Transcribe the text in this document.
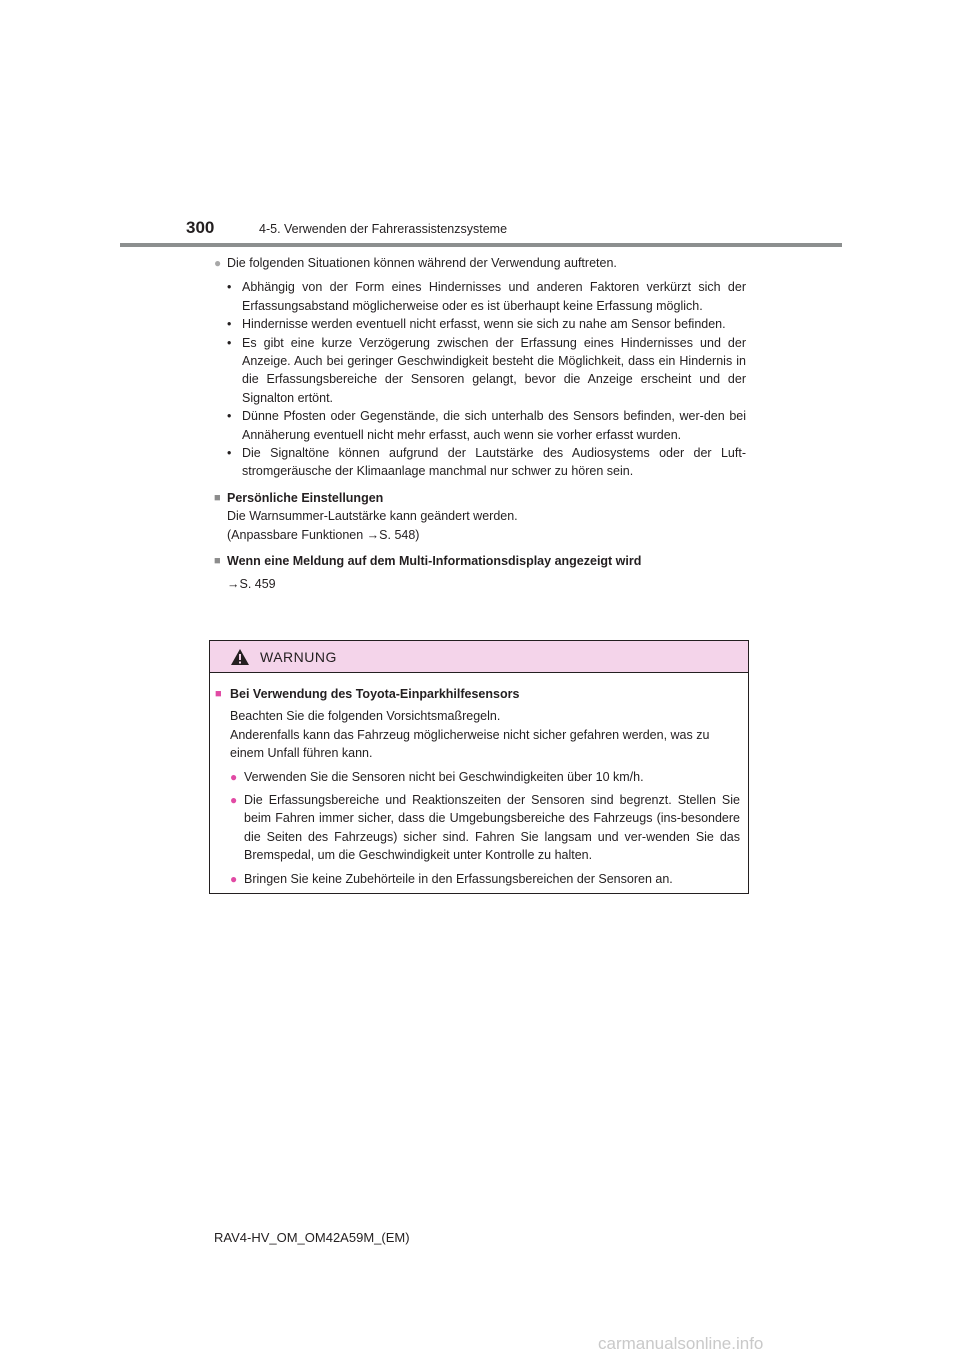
300	4-5. Verwenden der Fahrerassistenzsysteme
● Die folgenden Situationen können während der Verwendung auftreten.
• Abhängig von der Form eines Hindernisses und anderen Faktoren verkürzt sich der Erfassungsabstand möglicherweise oder es ist überhaupt keine Erfassung möglich.
• Hindernisse werden eventuell nicht erfasst, wenn sie sich zu nahe am Sensor befinden.
• Es gibt eine kurze Verzögerung zwischen der Erfassung eines Hindernisses und der Anzeige. Auch bei geringer Geschwindigkeit besteht die Möglichkeit, dass ein Hindernis in die Erfassungsbereiche der Sensoren gelangt, bevor die Anzeige erscheint und der Signalton ertönt.
• Dünne Pfosten oder Gegenstände, die sich unterhalb des Sensors befinden, wer-den bei Annäherung eventuell nicht mehr erfasst, auch wenn sie vorher erfasst wurden.
• Die Signaltöne können aufgrund der Lautstärke des Audiosystems oder der Luft-stromgeräusche der Klimaanlage manchmal nur schwer zu hören sein.
■ Persönliche Einstellungen
Die Warnsummer-Lautstärke kann geändert werden.
(Anpassbare Funktionen →S. 548)
■ Wenn eine Meldung auf dem Multi-Informationsdisplay angezeigt wird
→S. 459
WARNUNG
■ Bei Verwendung des Toyota-Einparkhilfesensors
Beachten Sie die folgenden Vorsichtsmaßregeln.
Anderenfalls kann das Fahrzeug möglicherweise nicht sicher gefahren werden, was zu einem Unfall führen kann.
● Verwenden Sie die Sensoren nicht bei Geschwindigkeiten über 10 km/h.
● Die Erfassungsbereiche und Reaktionszeiten der Sensoren sind begrenzt. Stellen Sie beim Fahren immer sicher, dass die Umgebungsbereiche des Fahrzeugs (ins-besondere die Seiten des Fahrzeugs) sicher sind. Fahren Sie langsam und ver-wenden Sie das Bremspedal, um die Geschwindigkeit unter Kontrolle zu halten.
● Bringen Sie keine Zubehörteile in den Erfassungsbereichen der Sensoren an.
RAV4-HV_OM_OM42A59M_(EM)
carmanualsonline.info
